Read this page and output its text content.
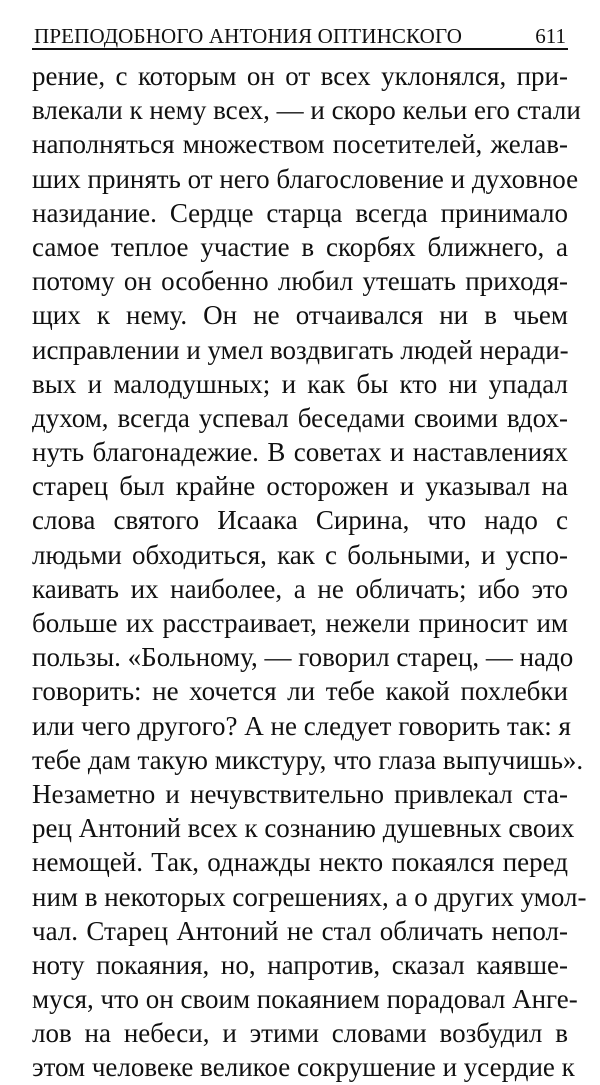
ПРЕПОДОБНОГО АНТОНИЯ ОПТИНСКОГО	611
рение, с которым он от всех уклонялся, при-
влекали к нему всех, — и скоро кельи его стали
наполняться множеством посетителей, желав-
ших принять от него благословение и духовное
назидание. Сердце старца всегда принимало
самое теплое участие в скорбях ближнего, а
потому он особенно любил утешать приходя-
щих к нему. Он не отчаивался ни в чьем
исправлении и умел воздвигать людей неради-
вых и малодушных; и как бы кто ни упадал
духом, всегда успевал беседами своими вдох-
нуть благонадежие. В советах и наставлениях
старец был крайне осторожен и указывал на
слова святого Исаака Сирина, что надо с
людьми обходиться, как с больными, и успо-
каивать их наиболее, а не обличать; ибо это
больше их расстраивает, нежели приносит им
пользы. «Больному, — говорил старец, — надо
говорить: не хочется ли тебе какой похлебки
или чего другого? А не следует говорить так: я
тебе дам такую микстуру, что глаза выпучишь».
Незаметно и нечувствительно привлекал ста-
рец Антоний всех к сознанию душевных своих
немощей. Так, однажды некто покаялся перед
ним в некоторых согрешениях, а о других умол-
чал. Старец Антоний не стал обличать непол-
ноту покаяния, но, напротив, сказал каявше-
муся, что он своим покаянием порадовал Анге-
лов на небеси, и этими словами возбудил в
этом человеке великое сокрушение и усердие к
